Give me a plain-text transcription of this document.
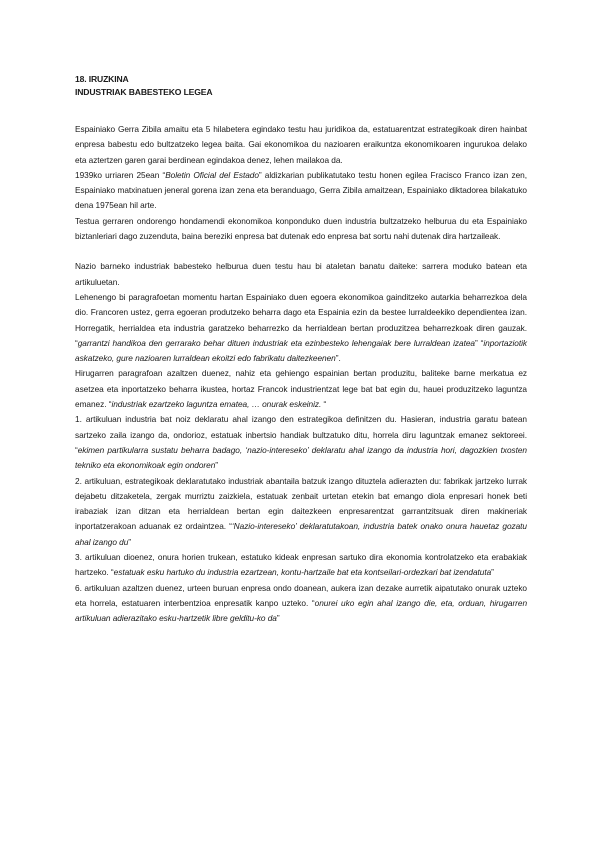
18. IRUZKINA

INDUSTRIAK BABESTEKO LEGEA

Espainiako Gerra Zibila amaitu eta 5 hilabetera egindako testu hau juridikoa da, estatuarentzat estrategikoak diren hainbat enpresa babestu edo bultzatzeko legea baita. Gai ekonomikoa du nazioaren eraikuntza ekonomikoaren ingurukoa delako eta aztertzen garen garai berdinean egindakoa denez, lehen mailakoa da.

1939ko urriaren 25ean “Boletin Oficial del Estado” aldizkarian publikatutako testu honen egilea Fracisco Franco izan zen, Espainiako matxinatuen jeneral gorena izan zena eta beranduago, Gerra Zibila amaitzean, Espainiako diktadorea bilakatuko dena 1975ean hil arte.

Testua gerraren ondorengo hondamendi ekonomikoa konponduko duen industria bultzatzeko helburua du eta Espainiako biztanleriari dago zuzenduta, baina bereziki enpresa bat dutenak edo enpresa bat sortu nahi dutenak dira hartzaileak.

Nazio barneko industriak babesteko helburua duen testu hau bi ataletan banatu daiteke: sarrera moduko batean eta artikuluetan.

Lehenengo bi paragrafoetan momentu hartan Espainiako duen egoera ekonomikoa gainditzeko autarkia beharrezkoa dela dio. Francoren ustez, gerra egoeran produtzeko beharra dago eta Espainia ezin da bestee lurraldeekiko dependientea izan. Horregatik, herrialdea eta industria garatzeko beharrezko da herrialdean bertan produzitzea beharrezkoak diren gauzak. “garrantzi handikoa den gerrarako behar dituen industriak eta ezinbesteko lehengaiak bere lurraldean izatea” “inportaziotik askatzeko, gure nazioaren lurraldean ekoitzi edo fabrikatu daitezkeenen”.

Hirugarren paragrafoan azaltzen duenez, nahiz eta gehiengo espainian bertan produzitu, baliteke barne merkatua ez asetzea eta inportatzeko beharra ikustea, hortaz Francok industrientzat lege bat bat egin du, hauei produzitzeko laguntza emanez. “industriak ezartzeko laguntza ematea, … onurak eskeiniz. “

1. artikuluan industria bat noiz deklaratu ahal izango den estrategikoa definitzen du. Hasieran, industria garatu batean sartzeko zaila izango da, ondorioz, estatuak inbertsio handiak bultzatuko ditu, horrela diru laguntzak emanez sektoreei. “ekimen partikularra sustatu beharra badago, ‘nazio-intereseko’ deklaratu ahal izango da industria hori, dagozkien txosten tekniko eta ekonomikoak egin ondoren”

2. artikuluan, estrategikoak deklaratutako industriak abantaila batzuk izango dituztela adierazten du: fabrikak jartzeko lurrak dejabetu ditzaketela, zergak murriztu zaizkiela, estatuak zenbait urtetan etekin bat emango diola enpresari honek beti irabaziak izan ditzan eta herrialdean bertan egin daitezkeen enpresarentzat garrantzitsuak diren makineriak inportatzerakoan aduanak ez ordaintzea. “‘Nazio-intereseko’ deklaratutakoan, industria batek onako onura hauetaz gozatu ahal izango du”

3. artikuluan dioenez, onura horien trukean, estatuko kideak enpresan sartuko dira ekonomia kontrolatzeko eta erabakiak hartzeko. “estatuak esku hartuko du industria ezartzean, kontu-hartzaile bat eta kontseilari-ordezkari bat izendatuta”

6. artikuluan azaltzen duenez, urteen buruan enpresa ondo doanean, aukera izan dezake aurretik aipatutako onurak uzteko eta horrela, estatuaren interbentzioa enpresatik kanpo uzteko. “onurei uko egin ahal izango die, eta, orduan, hirugarren artikuluan adierazitako esku-hartzetik libre gelditu-ko da”
